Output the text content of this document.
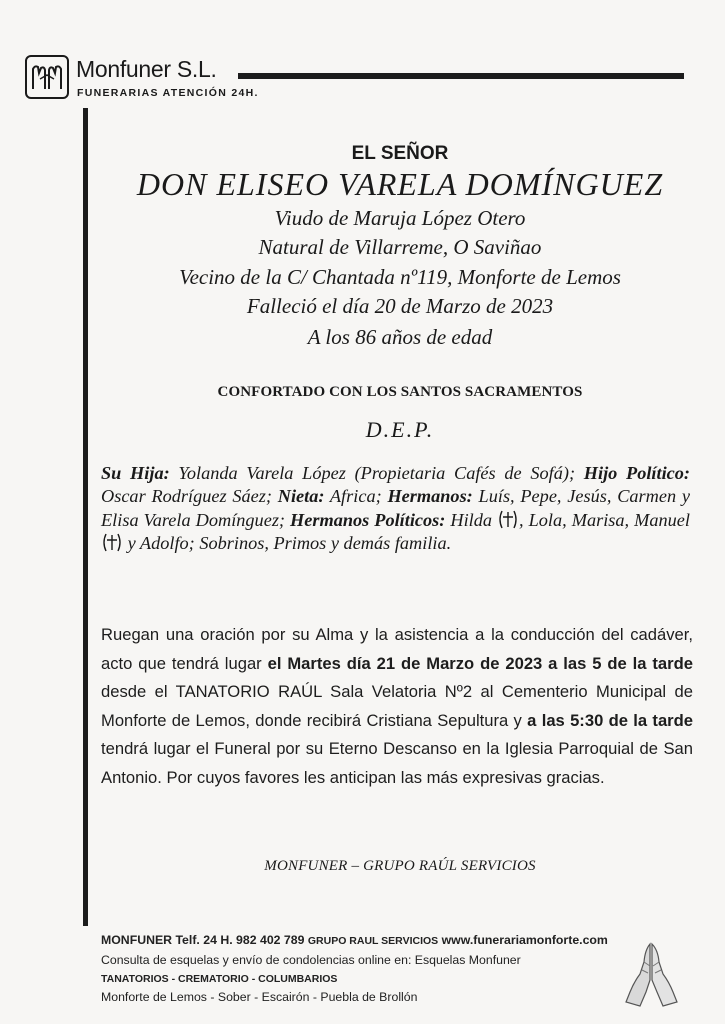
Monfuner S.L.
FUNERARIAS ATENCIÓN 24H.
EL SEÑOR
DON ELISEO VARELA DOMÍNGUEZ
Viudo de Maruja López Otero
Natural de Villarreme, O Saviñao
Vecino de la C/ Chantada nº119, Monforte de Lemos
Falleció el día 20 de Marzo de 2023
A los 86 años de edad
CONFORTADO CON LOS SANTOS SACRAMENTOS
D.E.P.
Su Hija: Yolanda Varela López (Propietaria Cafés de Sofá); Hijo Político: Oscar Rodríguez Sáez; Nieta: Africa; Hermanos: Luís, Pepe, Jesús, Carmen y Elisa Varela Domínguez; Hermanos Políticos: Hilda , Lola, Marisa, Manuel  y Adolfo; Sobrinos, Primos y demás familia.
Ruegan una oración por su Alma y la asistencia a la conducción del cadáver, acto que tendrá lugar el Martes día 21 de Marzo de 2023 a las 5 de la tarde desde el TANATORIO RAÚL Sala Velatoria Nº2 al Cementerio Municipal de Monforte de Lemos, donde recibirá Cristiana Sepultura y a las 5:30 de la tarde tendrá lugar el Funeral por su Eterno Descanso en la Iglesia Parroquial de San Antonio. Por cuyos favores les anticipan las más expresivas gracias.
MONFUNER – GRUPO RAÚL SERVICIOS
MONFUNER Telf. 24 H. 982 402 789 GRUPO RAUL SERVICIOS www.funerariamonforte.com
Consulta de esquelas y envío de condolencias online en: Esquelas Monfuner
TANATORIOS - CREMATORIO - COLUMBARIOS
Monforte de Lemos - Sober - Escairón - Puebla de Brollón
